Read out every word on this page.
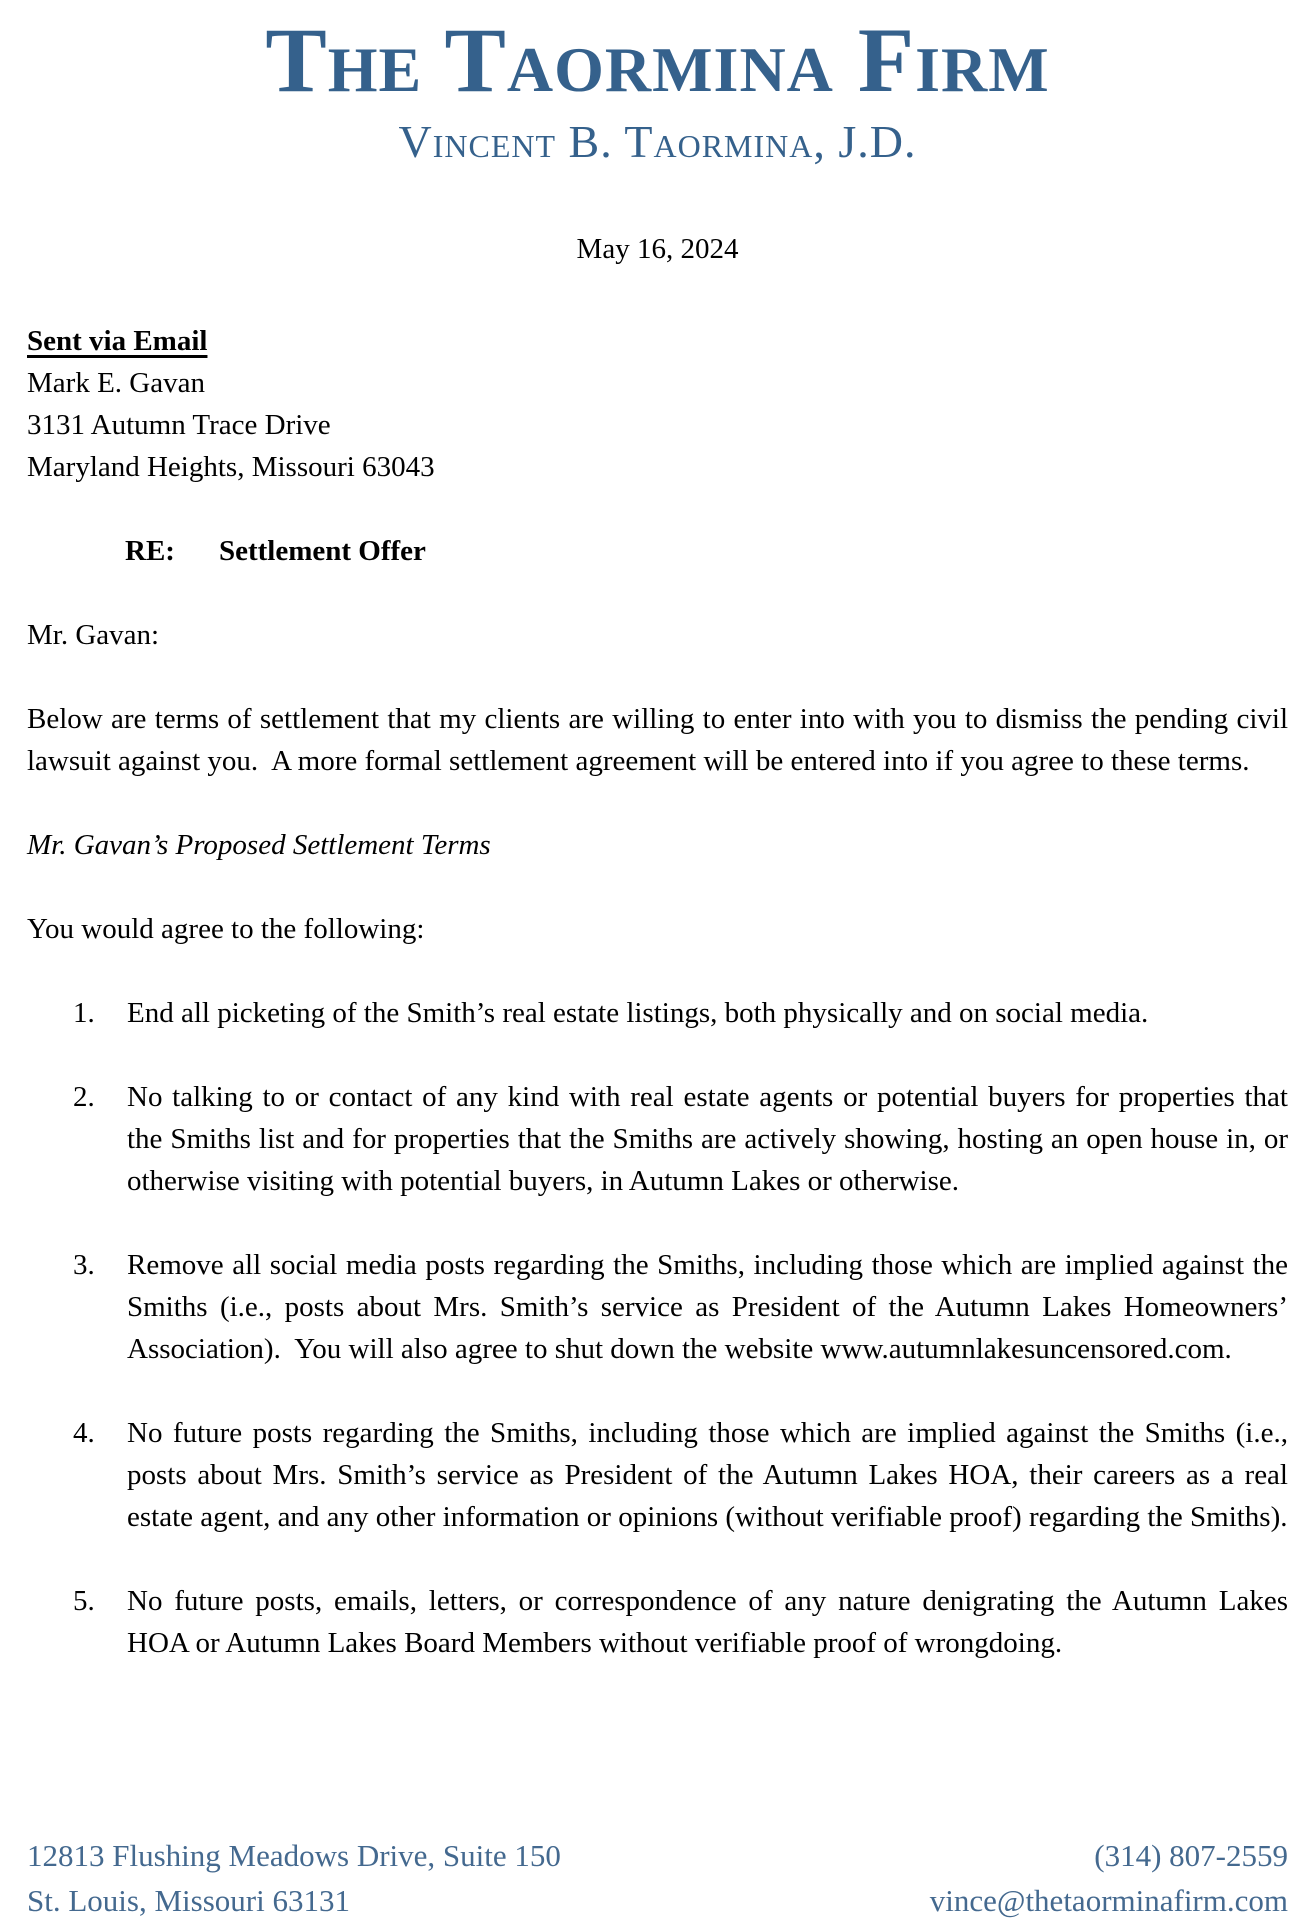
The Taormina Firm
Vincent B. Taormina, J.D.
May 16, 2024
Sent via Email
Mark E. Gavan
3131 Autumn Trace Drive
Maryland Heights, Missouri 63043
RE: Settlement Offer
Mr. Gavan:
Below are terms of settlement that my clients are willing to enter into with you to dismiss the pending civil lawsuit against you.  A more formal settlement agreement will be entered into if you agree to these terms.
Mr. Gavan’s Proposed Settlement Terms
You would agree to the following:
1. End all picketing of the Smith’s real estate listings, both physically and on social media.
2. No talking to or contact of any kind with real estate agents or potential buyers for properties that the Smiths list and for properties that the Smiths are actively showing, hosting an open house in, or otherwise visiting with potential buyers, in Autumn Lakes or otherwise.
3. Remove all social media posts regarding the Smiths, including those which are implied against the Smiths (i.e., posts about Mrs. Smith’s service as President of the Autumn Lakes Homeowners’ Association).  You will also agree to shut down the website www.autumnlakesuncensored.com.
4. No future posts regarding the Smiths, including those which are implied against the Smiths (i.e., posts about Mrs. Smith’s service as President of the Autumn Lakes HOA, their careers as a real estate agent, and any other information or opinions (without verifiable proof) regarding the Smiths).
5. No future posts, emails, letters, or correspondence of any nature denigrating the Autumn Lakes HOA or Autumn Lakes Board Members without verifiable proof of wrongdoing.
12813 Flushing Meadows Drive, Suite 150
St. Louis, Missouri 63131
(314) 807-2559
vince@thetaorminafirm.com
